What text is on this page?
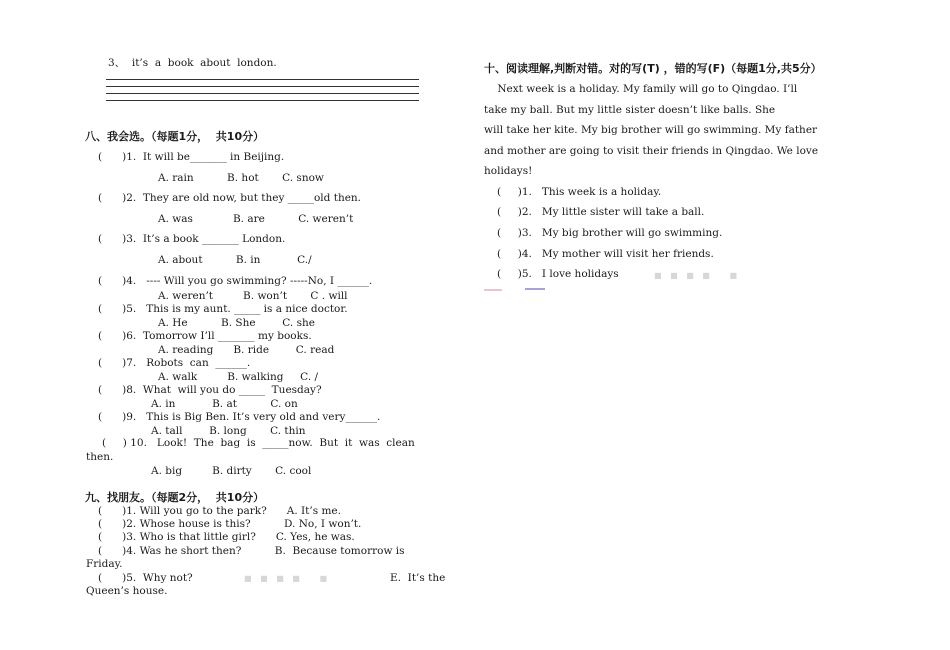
3、  it’s  a  book  about  london.
八、我会选。（每题1分，  共10分）
(      )1.  It will be_______ in Beijing.
A. rain          B. hot       C. snow
(      )2.  They are old now, but they _____old then.
A. was            B. are          C. weren’t
(      )3.  It’s a book _______ London.
A. about          B. in           C./
(      )4.   ---- Will you go swimming? -----No, I ______.
A. weren’t         B. won’t       C . will
(      )5.   This is my aunt. _____ is a nice doctor.
A. He          B. She        C. she
(      )6.  Tomorrow I’ll _______ my books.
A. reading      B. ride        C. read
(      )7.   Robots  can  ______.
A. walk         B. walking     C. /
(      )8.  What  will you do _____  Tuesday?
A. in           B. at          C. on
(      )9.   This is Big Ben. It’s very old and very______.
A. tall        B. long       C. thin
(     ) 10.   Look!  The  bag  is  _____now.  But  it  was  clean
then.
A. big         B. dirty       C. cool
九、找朋友。（每题2分，  共10分）
(      )1. Will you go to the park?      A. It’s me.
(      )2. Whose house is this?          D. No, I won’t.
(      )3. Who is that little girl?      C. Yes, he was.
(      )4. Was he short then?          B.  Because tomorrow is
Friday.
(      )5.  Why not?	■ ■ ■ ■   ■	E.  It’s the
Queen’s house.
十、阅读理解,判断对错。对的写(T) ，错的写(F)（每题1分,共5分）
Next week is a holiday. My family will go to Qingdao. I’ll
take my ball. But my little sister doesn’t like balls. She
will take her kite. My big brother will go swimming. My father
and mother are going to visit their friends in Qingdao. We love
holidays!
(     )1.   This week is a holiday.
(     )2.   My little sister will take a ball.
(     )3.   My big brother will go swimming.
(     )4.   My mother will visit her friends.
(     )5.   I love holidays	■ ■ ■ ■   ■
